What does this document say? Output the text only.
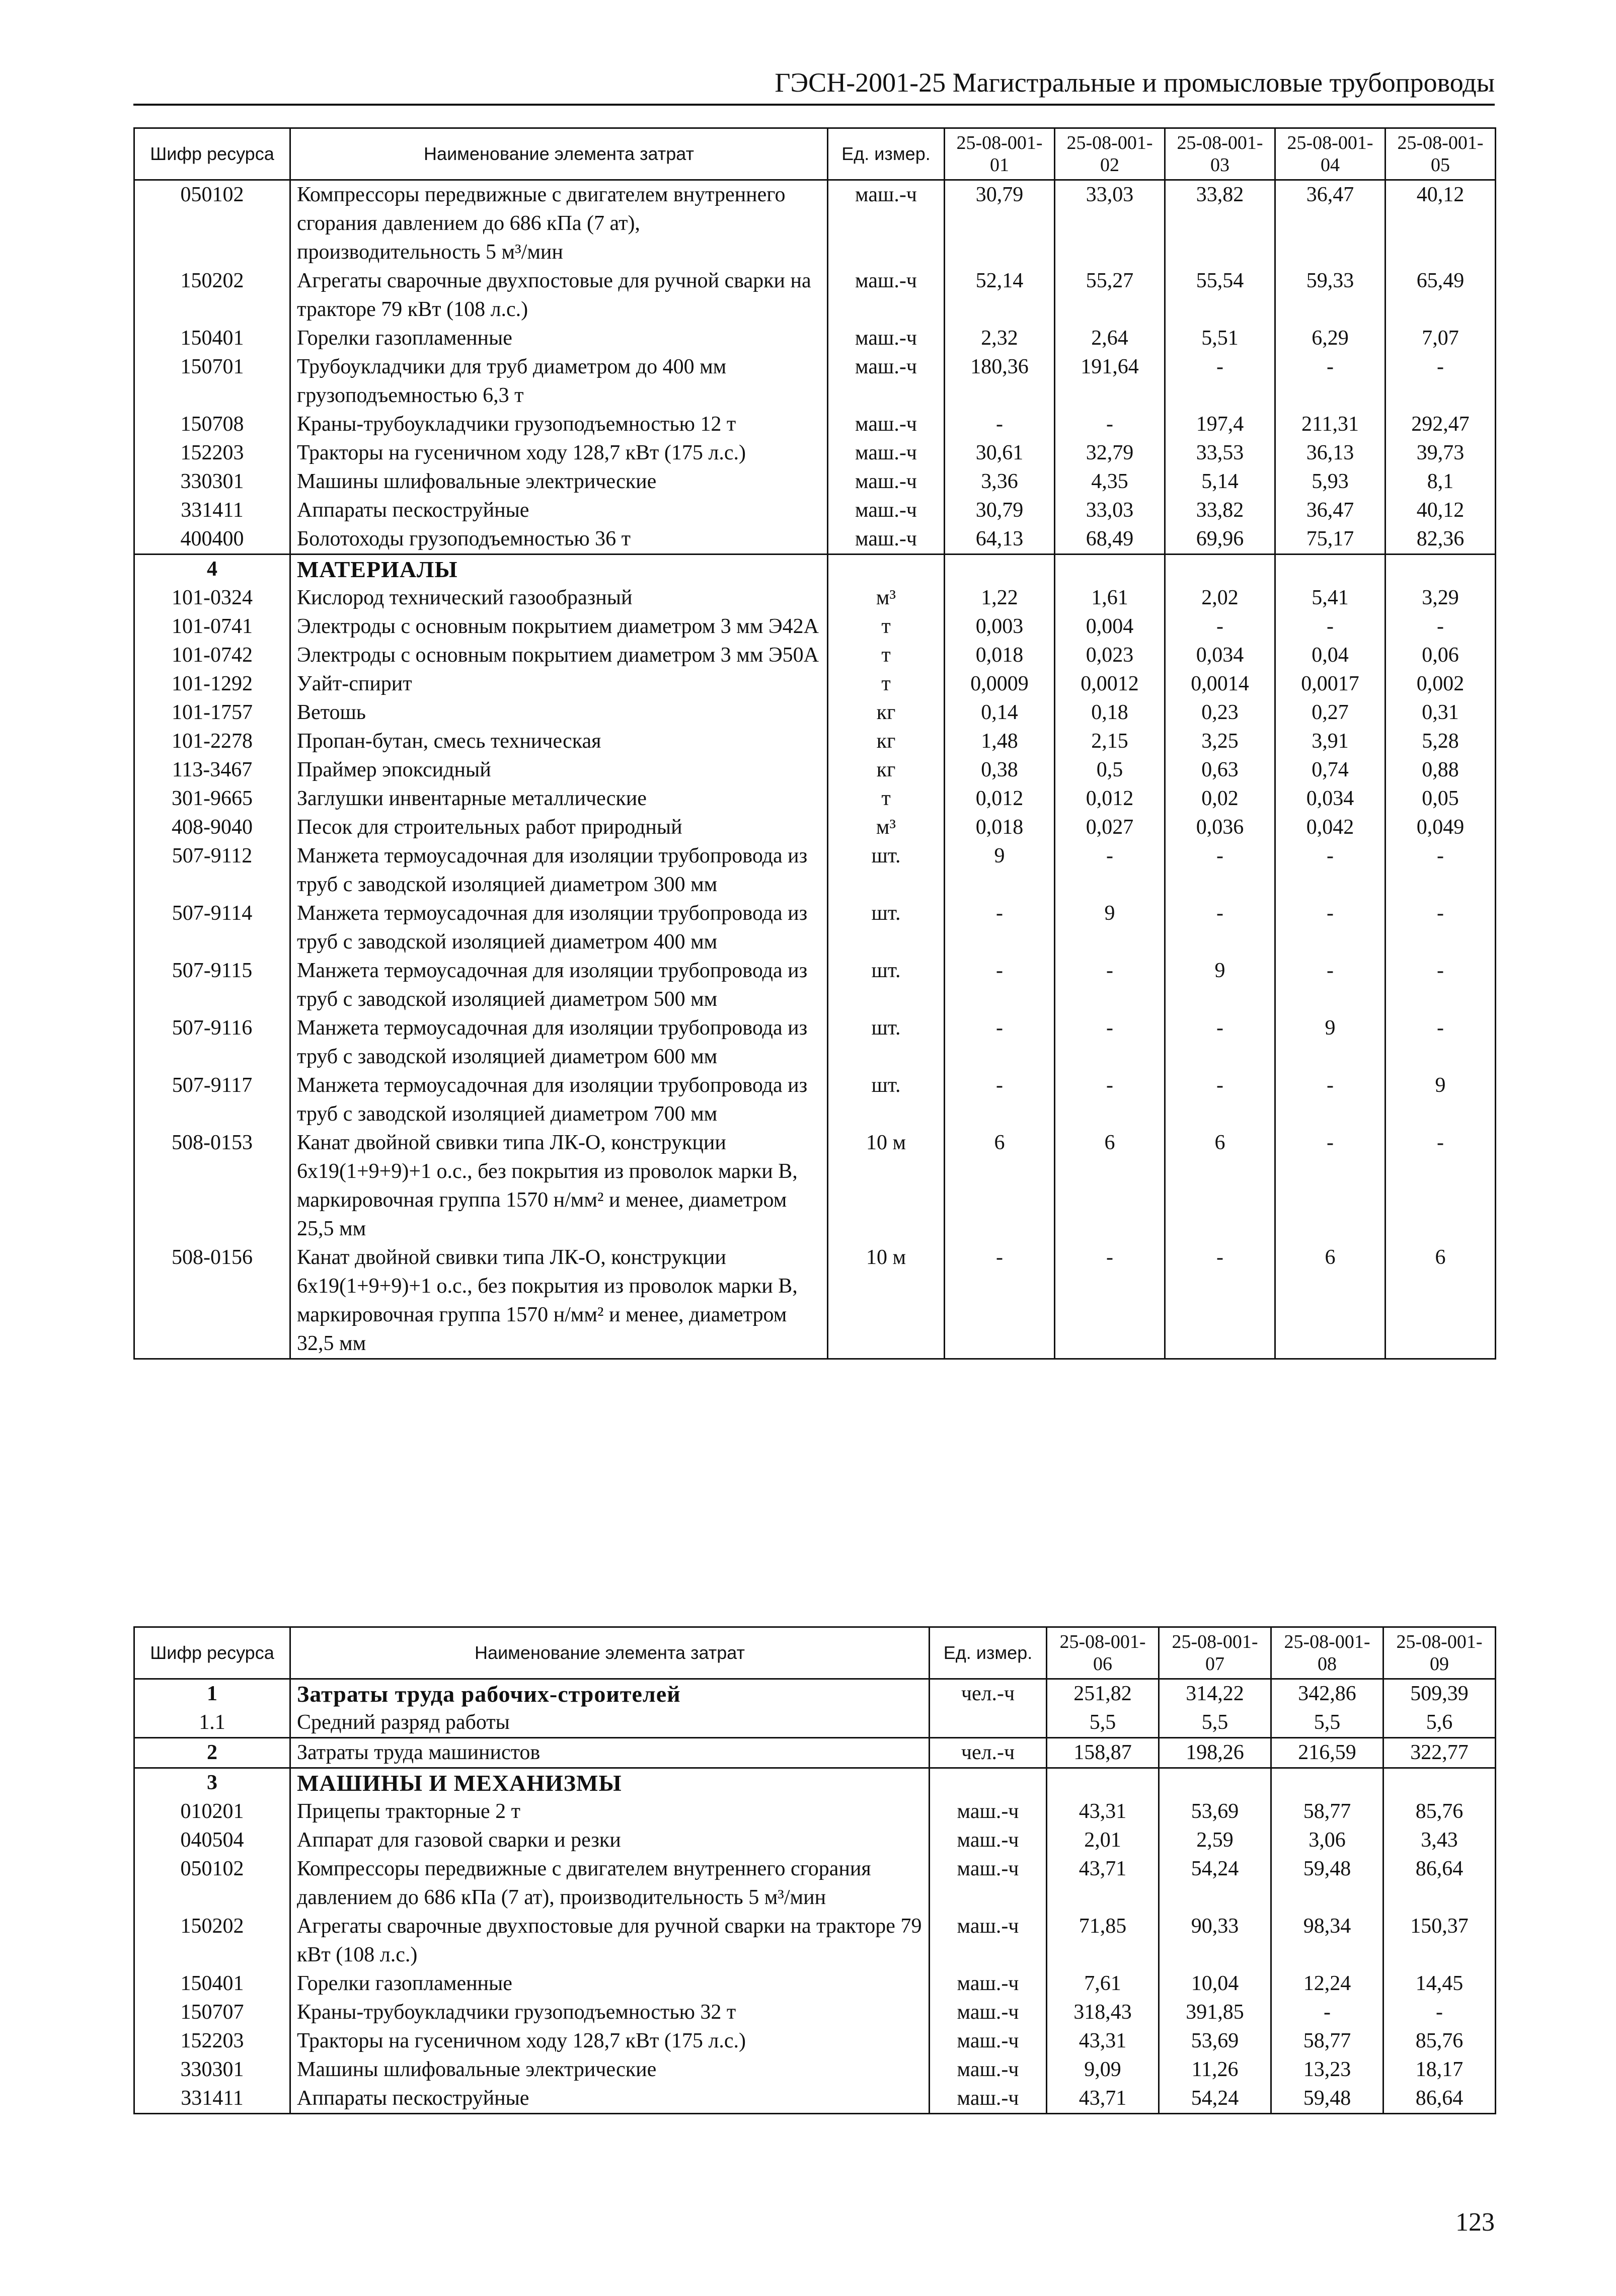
ГЭСН-2001-25 Магистральные и промысловые трубопроводы
Шифр ресурса	Наименование элемента затрат	Ед. измер.	25-08-001-01	25-08-001-02	25-08-001-03	25-08-001-04	25-08-001-05
050102	Компрессоры передвижные с двигателем внутреннего сгорания давлением до 686 кПа (7 ат), производительность 5 м³/мин	маш.-ч	30,79	33,03	33,82	36,47	40,12
150202	Агрегаты сварочные двухпостовые для ручной сварки на тракторе 79 кВт (108 л.с.)	маш.-ч	52,14	55,27	55,54	59,33	65,49
150401	Горелки газопламенные	маш.-ч	2,32	2,64	5,51	6,29	7,07
150701	Трубоукладчики для труб диаметром до 400 мм грузоподъемностью 6,3 т	маш.-ч	180,36	191,64	-	-	-
150708	Краны-трубоукладчики грузоподъемностью 12 т	маш.-ч	-	-	197,4	211,31	292,47
152203	Тракторы на гусеничном ходу 128,7 кВт (175 л.с.)	маш.-ч	30,61	32,79	33,53	36,13	39,73
330301	Машины шлифовальные электрические	маш.-ч	3,36	4,35	5,14	5,93	8,1
331411	Аппараты пескоструйные	маш.-ч	30,79	33,03	33,82	36,47	40,12
400400	Болотоходы грузоподъемностью 36 т	маш.-ч	64,13	68,49	69,96	75,17	82,36
4	МАТЕРИАЛЫ						
101-0324	Кислород технический газообразный	м³	1,22	1,61	2,02	5,41	3,29
101-0741	Электроды с основным покрытием диаметром 3 мм Э42А	т	0,003	0,004	-	-	-
101-0742	Электроды с основным покрытием диаметром 3 мм Э50А	т	0,018	0,023	0,034	0,04	0,06
101-1292	Уайт-спирит	т	0,0009	0,0012	0,0014	0,0017	0,002
101-1757	Ветошь	кг	0,14	0,18	0,23	0,27	0,31
101-2278	Пропан-бутан, смесь техническая	кг	1,48	2,15	3,25	3,91	5,28
113-3467	Праймер эпоксидный	кг	0,38	0,5	0,63	0,74	0,88
301-9665	Заглушки инвентарные металлические	т	0,012	0,012	0,02	0,034	0,05
408-9040	Песок для строительных работ природный	м³	0,018	0,027	0,036	0,042	0,049
507-9112	Манжета термоусадочная для изоляции трубопровода из труб с заводской изоляцией диаметром 300 мм	шт.	9	-	-	-	-
507-9114	Манжета термоусадочная для изоляции трубопровода из труб с заводской изоляцией диаметром 400 мм	шт.	-	9	-	-	-
507-9115	Манжета термоусадочная для изоляции трубопровода из труб с заводской изоляцией диаметром 500 мм	шт.	-	-	9	-	-
507-9116	Манжета термоусадочная для изоляции трубопровода из труб с заводской изоляцией диаметром 600 мм	шт.	-	-	-	9	-
507-9117	Манжета термоусадочная для изоляции трубопровода из труб с заводской изоляцией диаметром 700 мм	шт.	-	-	-	-	9
508-0153	Канат двойной свивки типа ЛК-О, конструкции 6x19(1+9+9)+1 о.с., без покрытия из проволок марки В, маркировочная группа 1570 н/мм² и менее, диаметром 25,5 мм	10 м	6	6	6	-	-
508-0156	Канат двойной свивки типа ЛК-О, конструкции 6x19(1+9+9)+1 о.с., без покрытия из проволок марки В, маркировочная группа 1570 н/мм² и менее, диаметром 32,5 мм	10 м	-	-	-	6	6
Шифр ресурса	Наименование элемента затрат	Ед. измер.	25-08-001-06	25-08-001-07	25-08-001-08	25-08-001-09
1	Затраты труда рабочих-строителей	чел.-ч	251,82	314,22	342,86	509,39
1.1	Средний разряд работы		5,5	5,5	5,5	5,6
2	Затраты труда машинистов	чел.-ч	158,87	198,26	216,59	322,77
3	МАШИНЫ И МЕХАНИЗМЫ					
010201	Прицепы тракторные 2 т	маш.-ч	43,31	53,69	58,77	85,76
040504	Аппарат для газовой сварки и резки	маш.-ч	2,01	2,59	3,06	3,43
050102	Компрессоры передвижные с двигателем внутреннего сгорания давлением до 686 кПа (7 ат), производительность 5 м³/мин	маш.-ч	43,71	54,24	59,48	86,64
150202	Агрегаты сварочные двухпостовые для ручной сварки на тракторе 79 кВт (108 л.с.)	маш.-ч	71,85	90,33	98,34	150,37
150401	Горелки газопламенные	маш.-ч	7,61	10,04	12,24	14,45
150707	Краны-трубоукладчики грузоподъемностью 32 т	маш.-ч	318,43	391,85	-	-
152203	Тракторы на гусеничном ходу 128,7 кВт (175 л.с.)	маш.-ч	43,31	53,69	58,77	85,76
330301	Машины шлифовальные электрические	маш.-ч	9,09	11,26	13,23	18,17
331411	Аппараты пескоструйные	маш.-ч	43,71	54,24	59,48	86,64
123
